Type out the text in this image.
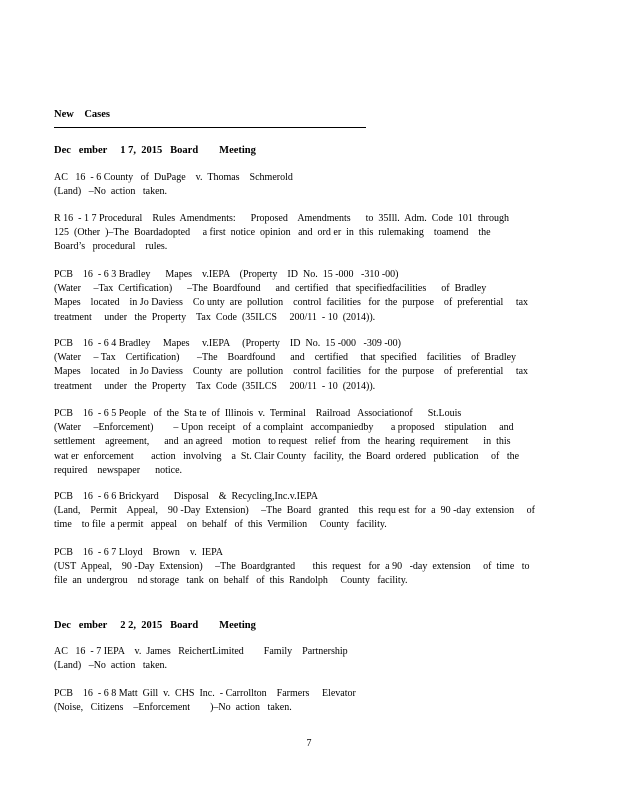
New    Cases
Dec   ember     1 7,  2015   Board        Meeting
AC   16  - 6 County   of  DuPage    v.  Thomas    Schmerold
(Land)   –No  action   taken.
R 16  - 1 7 Procedural    Rules  Amendments:      Proposed    Amendments      to  35Ill.  Adm.  Code  101  through
125  (Other  )–The  Boardadopted     a first  notice  opinion   and  ord er  in  this  rulemaking    toamend    the
Board’s   procedural    rules.
PCB    16  - 6 3 Bradley      Mapes    v.IEPA    (Property    ID  No.  15 -000   -310 -00)
(Water     –Tax  Certification)      –The  Boardfound      and  certified   that  specifiedfacilities      of  Bradley
Mapes    located    in Jo Daviess    Co unty  are  pollution    control  facilities   for  the  purpose    of  preferential     tax
treatment     under   the  Property    Tax  Code  (35ILCS     200/11  - 10  (2014)).
PCB    16  - 6 4 Bradley     Mapes     v.IEPA     (Property    ID  No.  15 -000   -309 -00)
(Water     – Tax    Certification)       –The    Boardfound      and    certified     that  specified    facilities    of  Bradley
Mapes    located    in Jo Daviess    County   are  pollution    control  facilities   for  the  purpose    of  preferential     tax
treatment     under   the  Property    Tax  Code  (35ILCS     200/11  - 10  (2014)).
PCB    16  - 6 5 People   of  the  Sta te  of  Illinois  v.  Terminal    Railroad   Associationof      St.Louis
(Water     –Enforcement)        – Upon  receipt   of  a complaint   accompaniedby       a proposed    stipulation     and
settlement    agreement,      and  an agreed    motion   to request   relief  from   the  hearing  requirement      in  this
wat er  enforcement       action   involving    a  St. Clair County   facility,  the  Board  ordered   publication     of   the
required    newspaper      notice.
PCB    16  - 6 6 Brickyard      Disposal    &  Recycling,Inc.v.IEPA
(Land,    Permit    Appeal,    90 -Day  Extension)     –The  Board   granted    this  requ est  for  a  90 -day  extension     of
time    to file  a permit   appeal    on  behalf   of  this  Vermilion     County   facility.
PCB    16  - 6 7 Lloyd    Brown    v.  IEPA
(UST  Appeal,    90 -Day  Extension)     –The  Boardgranted       this  request   for  a 90   -day  extension     of  time   to
file  an  undergrou    nd storage   tank  on  behalf   of  this  Randolph     County   facility.
Dec   ember     2 2,  2015   Board        Meeting
AC   16  - 7 IEPA    v.  James   ReichertLimited        Family    Partnership
(Land)   –No  action   taken.
PCB    16  - 6 8 Matt  Gill  v.  CHS  Inc.  - Carrollton    Farmers     Elevator
(Noise,   Citizens    –Enforcement        )–No  action   taken.
7
